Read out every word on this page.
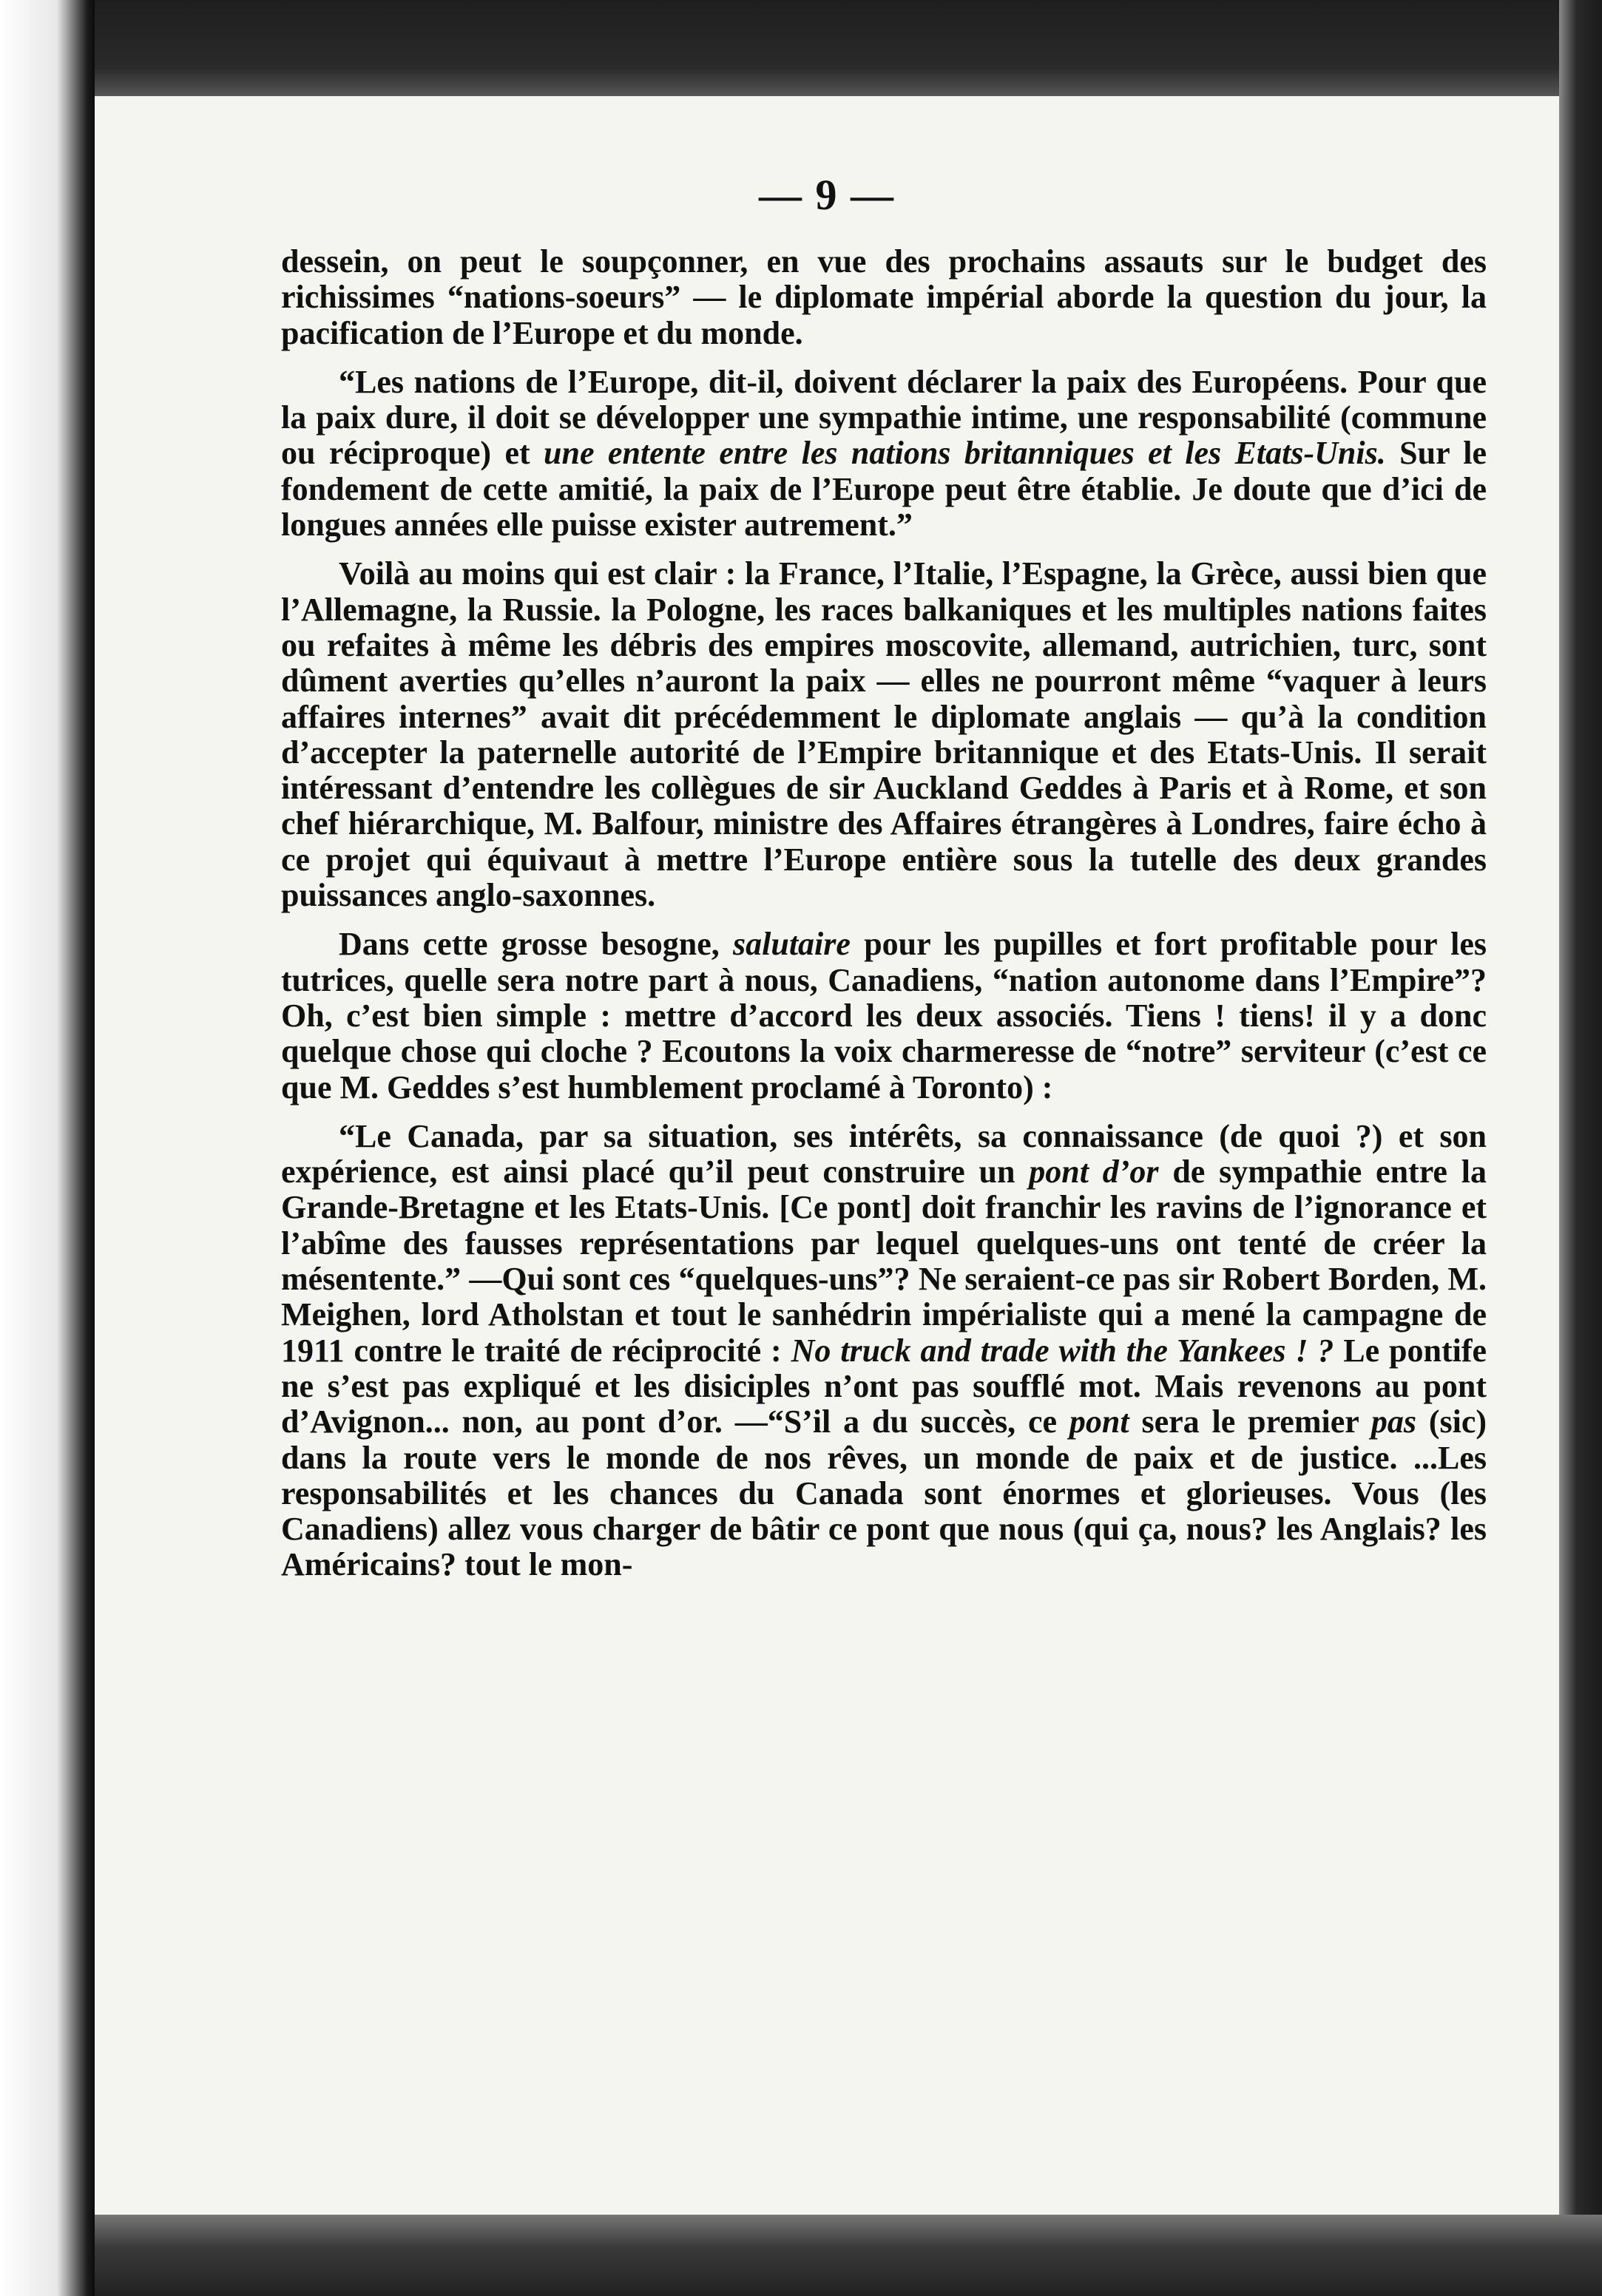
— 9 —

dessein, on peut le soupçonner, en vue des prochains assauts sur le budget des richissimes “nations-soeurs” — le diplomate impérial aborde la question du jour, la pacification de l’Europe et du monde.

“Les nations de l’Europe, dit-il, doivent déclarer la paix des Européens. Pour que la paix dure, il doit se développer une sympathie intime, une responsabilité (commune ou réciproque) et une entente entre les nations britanniques et les Etats-Unis. Sur le fondement de cette amitié, la paix de l’Europe peut être établie. Je doute que d’ici de longues années elle puisse exister autrement.”

Voilà au moins qui est clair : la France, l’Italie, l’Espagne, la Grèce, aussi bien que l’Allemagne, la Russie. la Pologne, les races balkaniques et les multiples nations faites ou refaites à même les débris des empires moscovite, allemand, autrichien, turc, sont dûment averties qu’elles n’auront la paix — elles ne pourront même “vaquer à leurs affaires internes” avait dit précédemment le diplomate anglais — qu’à la condition d’accepter la paternelle autorité de l’Empire britannique et des Etats-Unis. Il serait intéressant d’entendre les collègues de sir Auckland Geddes à Paris et à Rome, et son chef hiérarchique, M. Balfour, ministre des Affaires étrangères à Londres, faire écho à ce projet qui équivaut à mettre l’Europe entière sous la tutelle des deux grandes puissances anglo-saxonnes.

Dans cette grosse besogne, salutaire pour les pupilles et fort profitable pour les tutrices, quelle sera notre part à nous, Canadiens, “nation autonome dans l’Empire”? Oh, c’est bien simple : mettre d’accord les deux associés. Tiens ! tiens! il y a donc quelque chose qui cloche ? Ecoutons la voix charmeresse de “notre” serviteur (c’est ce que M. Geddes s’est humblement proclamé à Toronto) :

“Le Canada, par sa situation, ses intérêts, sa connaissance (de quoi ?) et son expérience, est ainsi placé qu’il peut construire un pont d’or de sympathie entre la Grande-Bretagne et les Etats-Unis. [Ce pont] doit franchir les ravins de l’ignorance et l’abîme des fausses représentations par lequel quelques-uns ont tenté de créer la mésentente.” —Qui sont ces “quelques-uns”? Ne seraient-ce pas sir Robert Borden, M. Meighen, lord Atholstan et tout le sanhédrin impérialiste qui a mené la campagne de 1911 contre le traité de réciprocité : No truck and trade with the Yankees ! ? Le pontife ne s’est pas expliqué et les disiciples n’ont pas soufflé mot. Mais revenons au pont d’Avignon... non, au pont d’or. —“S’il a du succès, ce pont sera le premier pas (sic) dans la route vers le monde de nos rêves, un monde de paix et de justice. ...Les responsabilités et les chances du Canada sont énormes et glorieuses. Vous (les Canadiens) allez vous charger de bâtir ce pont que nous (qui ça, nous? les Anglais? les Américains? tout le mon-
